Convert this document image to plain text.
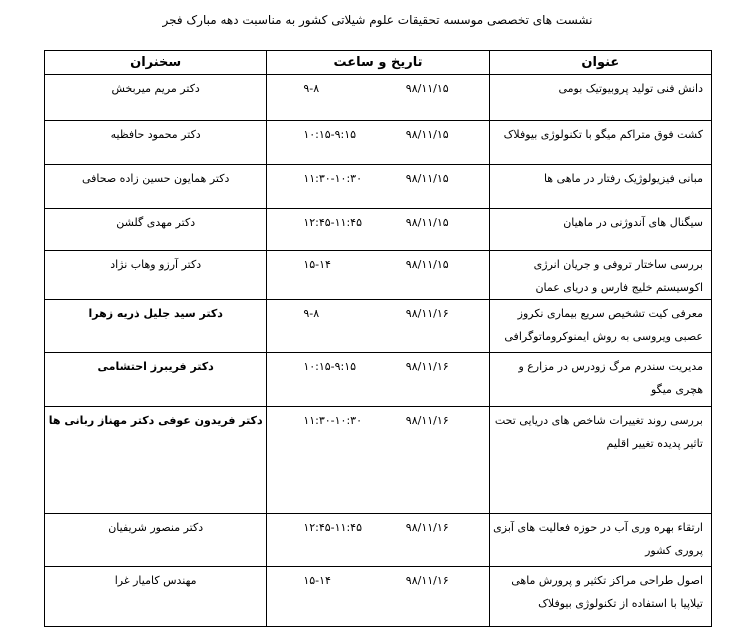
نشست های تخصصی موسسه تحقیقات علوم شیلاتی کشور به مناسبت دهه مبارک فجر
عنوان	تاریخ و ساعت	سخنران
دانش فنی تولید پروبیوتیک بومی	۹-۸ ۹۸/۱۱/۱۵	دکتر مریم میربخش
کشت فوق متراکم میگو با تکنولوژی بیوفلاک	۱۰:۱۵-۹:۱۵ ۹۸/۱۱/۱۵	دکتر محمود حافظیه
مبانی فیزیولوژیک رفتار در ماهی ها	۱۱:۳۰-۱۰:۳۰ ۹۸/۱۱/۱۵	دکتر همایون حسین زاده صحافی
سیگنال های آندوژنی در ماهیان	۱۲:۴۵-۱۱:۴۵ ۹۸/۱۱/۱۵	دکتر مهدی گلشن
بررسی ساختار تروفی و جریان انرژی اکوسیستم خلیج فارس و دریای عمان	۱۵-۱۴ ۹۸/۱۱/۱۵	دکتر آرزو وهاب نژاد
معرفی کیت تشخیص سریع بیماری نکروز عصبی ویروسی به روش ایمنوکروماتوگرافی	۹-۸ ۹۸/۱۱/۱۶	دکتر سید جلیل ذریه زهرا
مدیریت سندرم مرگ زودرس در مزارع و هچری میگو	۱۰:۱۵-۹:۱۵ ۹۸/۱۱/۱۶	دکتر فریبرز احتشامی
بررسی روند تغییرات شاخص های دریایی تحت تاثیر پدیده تغییر اقلیم	۱۱:۳۰-۱۰:۳۰ ۹۸/۱۱/۱۶	دکتر فریدون عوفی دکتر مهناز ربانی ها
ارتقاء بهره وری آب در حوزه فعالیت های آبزی پروری کشور	۱۲:۴۵-۱۱:۴۵ ۹۸/۱۱/۱۶	دکتر منصور شریفیان
اصول طراحی مراکز تکثیر و پرورش ماهی تیلاپیا با استفاده از تکنولوژی بیوفلاک	۱۵-۱۴ ۹۸/۱۱/۱۶	مهندس کامیار غرا
